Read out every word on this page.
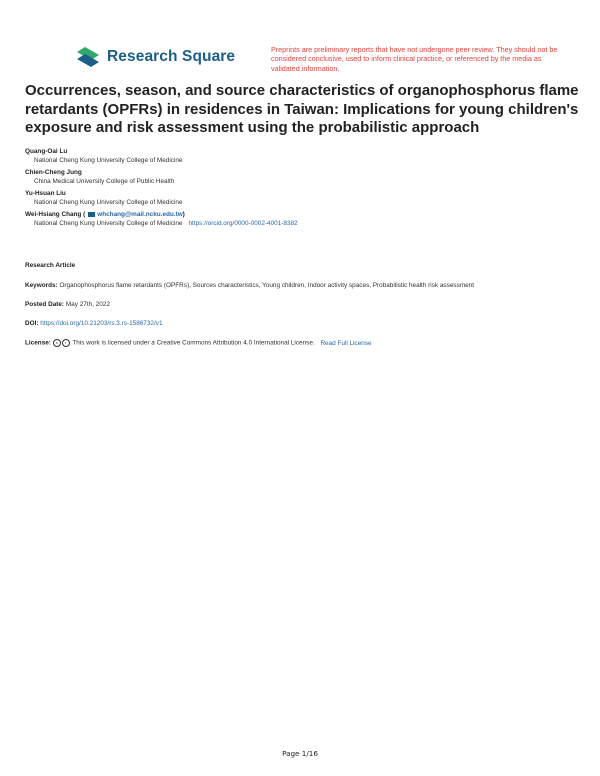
Research Square	Preprints are preliminary reports that have not undergone peer review. They should not be considered conclusive, used to inform clinical practice, or referenced by the media as validated information.
Occurrences, season, and source characteristics of organophosphorus flame retardants (OPFRs) in residences in Taiwan: Implications for young children's exposure and risk assessment using the probabilistic approach
Quang-Oai Lu
National Cheng Kung University College of Medicine
Chien-Cheng Jung
China Medical University College of Public Health
Yu-Hsuan Liu
National Cheng Kung University College of Medicine
Wei-Hsiang Chang ( whchang@mail.ncku.edu.tw)
National Cheng Kung University College of Medicine https://orcid.org/0000-0002-4001-8382
Research Article
Keywords: Organophosphorus flame retardants (OPFRs), Sources characteristics, Young children, Indoor activity spaces, Probabilistic health risk assessment
Posted Date: May 27th, 2022
DOI: https://doi.org/10.21203/rs.3.rs-1586732/v1
License: c i This work is licensed under a Creative Commons Attribution 4.0 International License. Read Full License
Page 1/16
